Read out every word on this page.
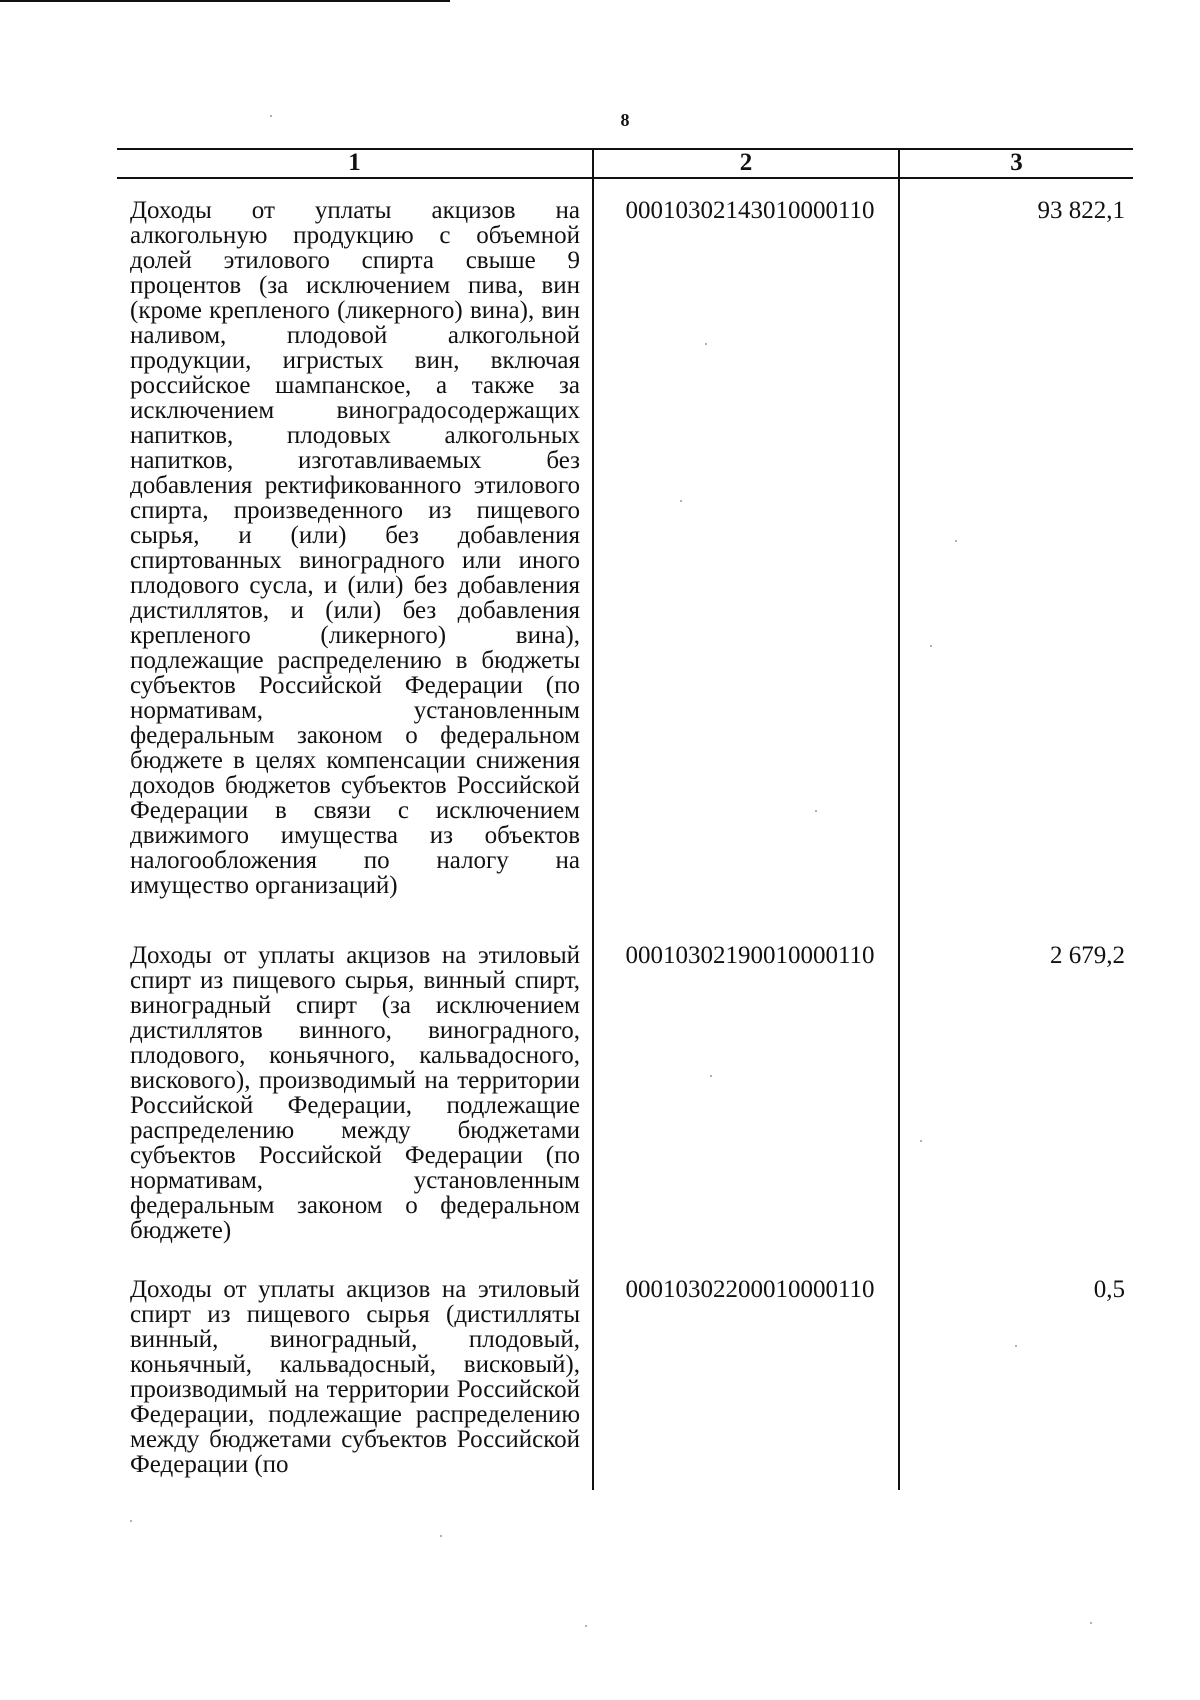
8
1	2	3
Доходы от уплаты акцизов на алкогольную продукцию с объемной долей этилового спирта свыше 9 процентов (за исключением пива, вин (кроме крепленого (ликерного) вина), вин наливом, плодовой алкогольной продукции, игристых вин, включая российское шампанское, а также за исключением виноградосодержащих напитков, плодовых алкогольных напитков, изготавливаемых без добавления ректификованного этилового спирта, произведенного из пищевого сырья, и (или) без добавления спиртованных виноградного или иного плодового сусла, и (или) без добавления дистиллятов, и (или) без добавления крепленого (ликерного) вина), подлежащие распределению в бюджеты субъектов Российской Федерации (по нормативам, установленным федеральным законом о федеральном бюджете в целях компенсации снижения доходов бюджетов субъектов Российской Федерации в связи с исключением движимого имущества из объектов налогообложения по налогу на имущество организаций)
00010302143010000110	93 822,1
Доходы от уплаты акцизов на этиловый спирт из пищевого сырья, винный спирт, виноградный спирт (за исключением дистиллятов винного, виноградного, плодового, коньячного, кальвадосного, вискового), производимый на территории Российской Федерации, подлежащие распределению между бюджетами субъектов Российской Федерации (по нормативам, установленным федеральным законом о федеральном бюджете)
00010302190010000110	2 679,2
Доходы от уплаты акцизов на этиловый спирт из пищевого сырья (дистилляты винный, виноградный, плодовый, коньячный, кальвадосный, висковый), производимый на территории Российской Федерации, подлежащие распределению между бюджетами субъектов Российской Федерации (по
00010302200010000110	0,5
